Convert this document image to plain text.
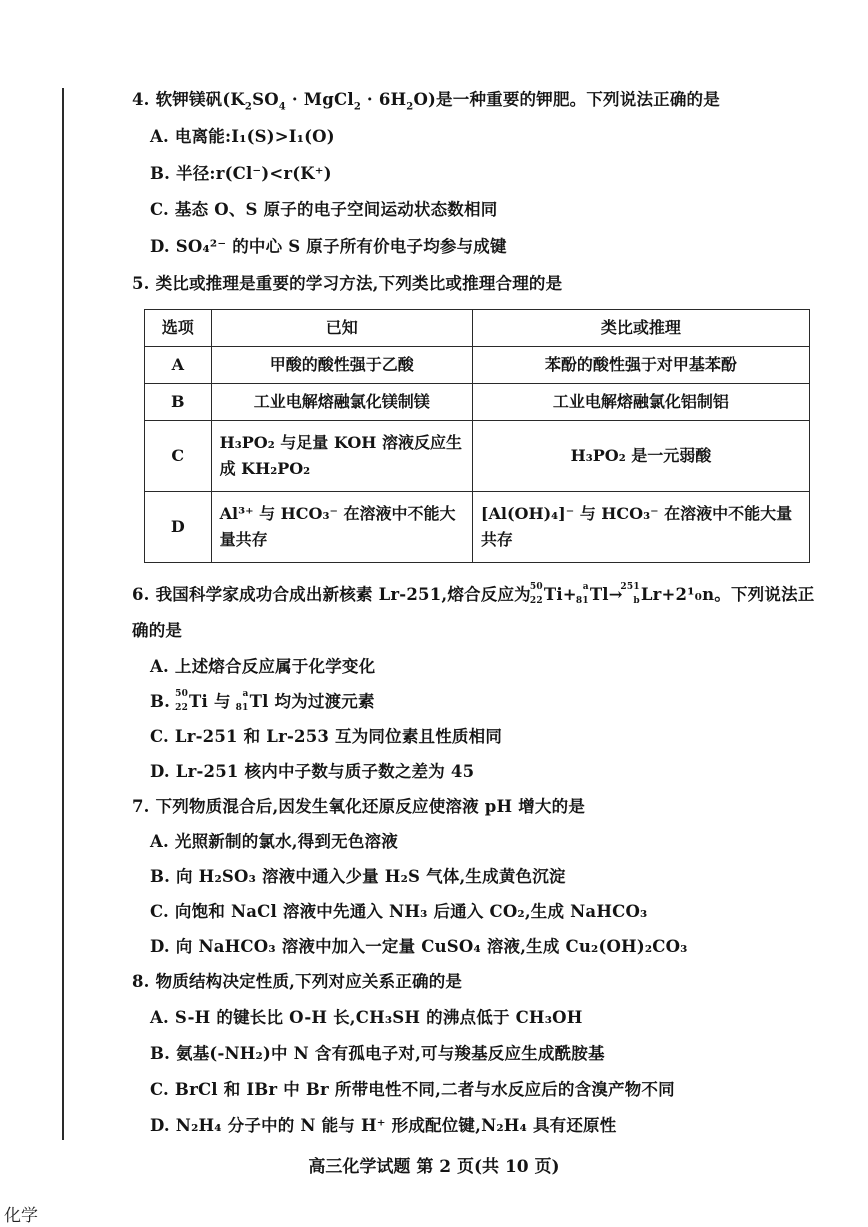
4. 软钾镁矾($K_2SO_4$ · MgCl$_2$ · $6H_2O$)是一种重要的钾肥。下列说法正确的是
A. 电离能:I₁(S)>I₁(O)
B. 半径:r(Cl⁻)<r(K⁺)
C. 基态 O、S 原子的电子空间运动状态数相同
D. SO₄²⁻ 的中心 S 原子所有价电子均参与成键
5. 类比或推理是重要的学习方法,下列类比或推理合理的是
选项	已知	类比或推理
A	甲酸的酸性强于乙酸	苯酚的酸性强于对甲基苯酚
B	工业电解熔融氯化镁制镁	工业电解熔融氯化铝制铝
C	H₃PO₂ 与足量 KOH 溶液反应生成 KH₂PO₂	H₃PO₂ 是一元弱酸
D	Al³⁺ 与 HCO₃⁻ 在溶液中不能大量共存	[Al(OH)₄]⁻ 与 HCO₃⁻ 在溶液中不能大量共存
6. 我国科学家成功合成出新核素 Lr-251,熔合反应为 50
22 Ti+ a
81 Tl→
251
b Lr+2¹₀n。下列说法正
确的是
A. 上述熔合反应属于化学变化
B. 50
22 Ti 与 a
81 Tl 均为过渡元素
C. Lr-251 和 Lr-253 互为同位素且性质相同
D. Lr-251 核内中子数与质子数之差为 45
7. 下列物质混合后,因发生氧化还原反应使溶液 pH 增大的是
A. 光照新制的氯水,得到无色溶液
B. 向 H₂SO₃ 溶液中通入少量 H₂S 气体,生成黄色沉淀
C. 向饱和 NaCl 溶液中先通入 NH₃ 后通入 CO₂,生成 NaHCO₃
D. 向 NaHCO₃ 溶液中加入一定量 CuSO₄ 溶液,生成 Cu₂(OH)₂CO₃
8. 物质结构决定性质,下列对应关系正确的是
A. S-H 的键长比 O-H 长,CH₃SH 的沸点低于 CH₃OH
B. 氨基(-NH₂)中 N 含有孤电子对,可与羧基反应生成酰胺基
C. BrCl 和 IBr 中 Br 所带电性不同,二者与水反应后的含溴产物不同
D. N₂H₄ 分子中的 N 能与 H⁺ 形成配位键,N₂H₄ 具有还原性
高三化学试题 第 2 页(共 10 页)
化学
